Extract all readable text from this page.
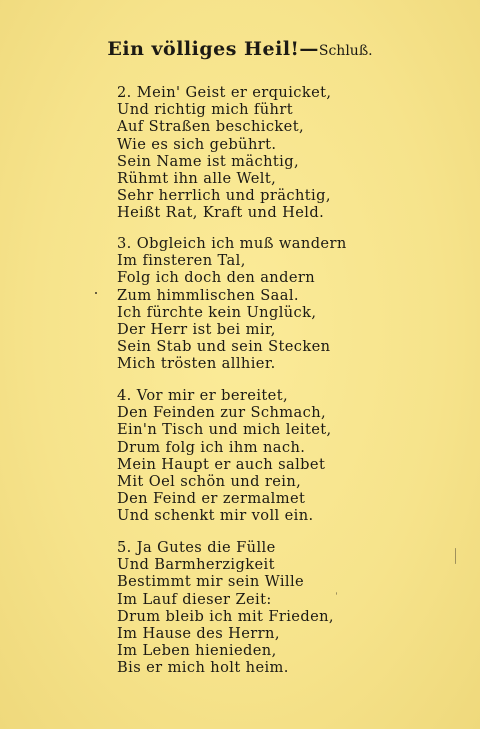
Ein völliges Heil!—Schluß.
2. Mein' Geist er erquicket,
Und richtig mich führt
Auf Straßen beschicket,
Wie es sich gebührt.
Sein Name ist mächtig,
Rühmt ihn alle Welt,
Sehr herrlich und prächtig,
Heißt Rat, Kraft und Held.
3. Obgleich ich muß wandern
Im finsteren Tal,
Folg ich doch den andern
Zum himmlischen Saal.
Ich fürchte kein Unglück,
Der Herr ist bei mir,
Sein Stab und sein Stecken
Mich trösten allhier.
4. Vor mir er bereitet,
Den Feinden zur Schmach,
Ein'n Tisch und mich leitet,
Drum folg ich ihm nach.
Mein Haupt er auch salbet
Mit Oel schön und rein,
Den Feind er zermalmet
Und schenkt mir voll ein.
5. Ja Gutes die Fülle
Und Barmherzigkeit
Bestimmt mir sein Wille
Im Lauf dieser Zeit:
Drum bleib ich mit Frieden,
Im Hause des Herrn,
Im Leben hienieden,
Bis er mich holt heim.
